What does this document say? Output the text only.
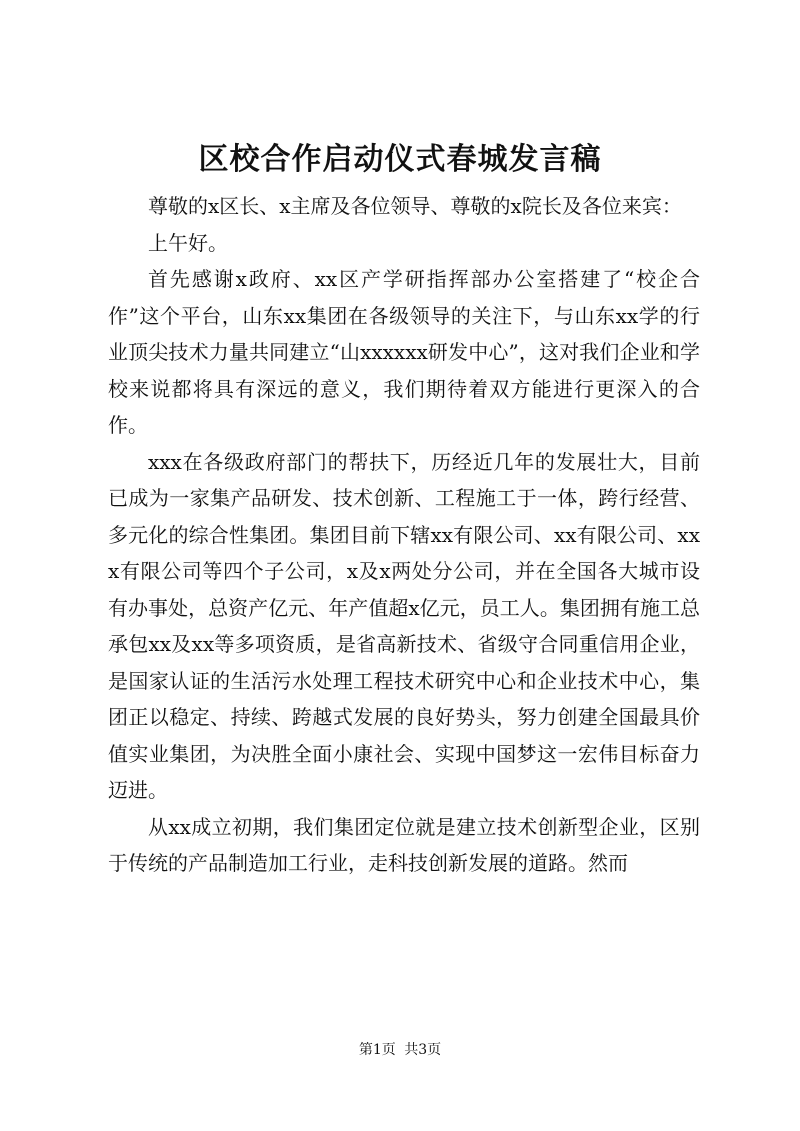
区校合作启动仪式春城发言稿

尊敬的x区长、x主席及各位领导、尊敬的x院长及各位来宾：

上午好。

首先感谢x政府、xx区产学研指挥部办公室搭建了“校企合作”这个平台，山东xx集团在各级领导的关注下，与山东xx学的行业顶尖技术力量共同建立“山xxxxxx研发中心”，这对我们企业和学校来说都将具有深远的意义，我们期待着双方能进行更深入的合作。

xxx在各级政府部门的帮扶下，历经近几年的发展壮大，目前已成为一家集产品研发、技术创新、工程施工于一体，跨行经营、多元化的综合性集团。集团目前下辖xx有限公司、xx有限公司、xxx有限公司等四个子公司，x及x两处分公司，并在全国各大城市设有办事处，总资产亿元、年产值超x亿元，员工人。集团拥有施工总承包xx及xx等多项资质，是省高新技术、省级守合同重信用企业，是国家认证的生活污水处理工程技术研究中心和企业技术中心，集团正以稳定、持续、跨越式发展的良好势头，努力创建全国最具价值实业集团，为决胜全面小康社会、实现中国梦这一宏伟目标奋力迈进。

从xx成立初期，我们集团定位就是建立技术创新型企业，区别于传统的产品制造加工行业，走科技创新发展的道路。然而

第1页 共3页
